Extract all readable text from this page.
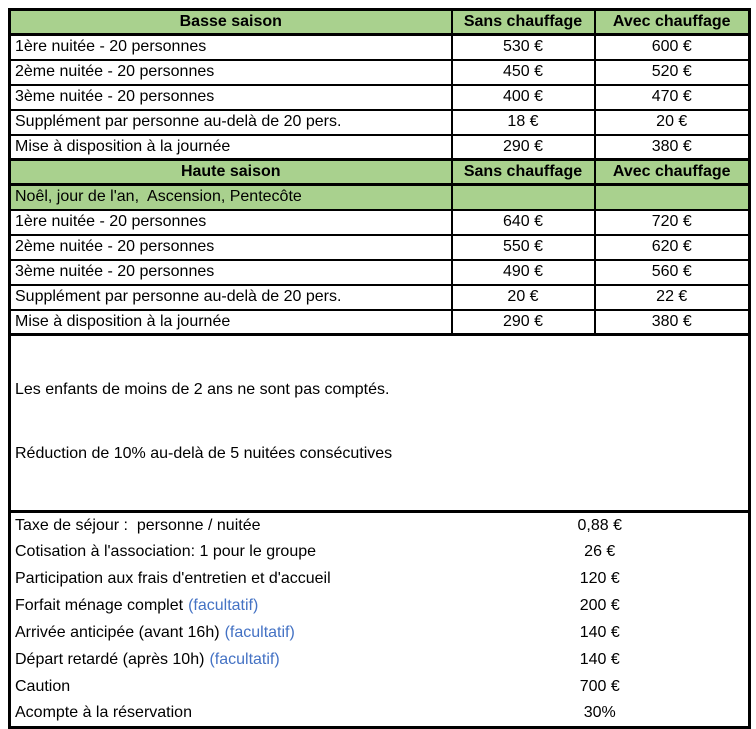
Basse saison	Sans chauffage	Avec chauffage
1ère nuitée - 20 personnes	530 €	600 €
2ème nuitée - 20 personnes	450 €	520 €
3ème nuitée - 20 personnes	400 €	470 €
Supplément par personne au-delà de 20 pers.	18 €	20 €
Mise à disposition à la journée	290 €	380 €
Haute saison	Sans chauffage	Avec chauffage
Noêl, jour de l'an,  Ascension, Pentecôte		
1ère nuitée - 20 personnes	640 €	720 €
2ème nuitée - 20 personnes	550 €	620 €
3ème nuitée - 20 personnes	490 €	560 €
Supplément par personne au-delà de 20 pers.	20 €	22 €
Mise à disposition à la journée	290 €	380 €

Les enfants de moins de 2 ans ne sont pas comptés.

Réduction de 10% au-delà de 5 nuitées consécutives		

Taxe de séjour :  personne / nuitée	0,88 €	
Cotisation à l'association: 1 pour le groupe	26 €	
Participation aux frais d'entretien et d'accueil	120 €	
Forfait ménage complet (facultatif)	200 €	
Arrivée anticipée (avant 16h) (facultatif)	140 €	
Départ retardé (après 10h) (facultatif)	140 €	
Caution	700 €	
Acompte à la réservation	30%	
